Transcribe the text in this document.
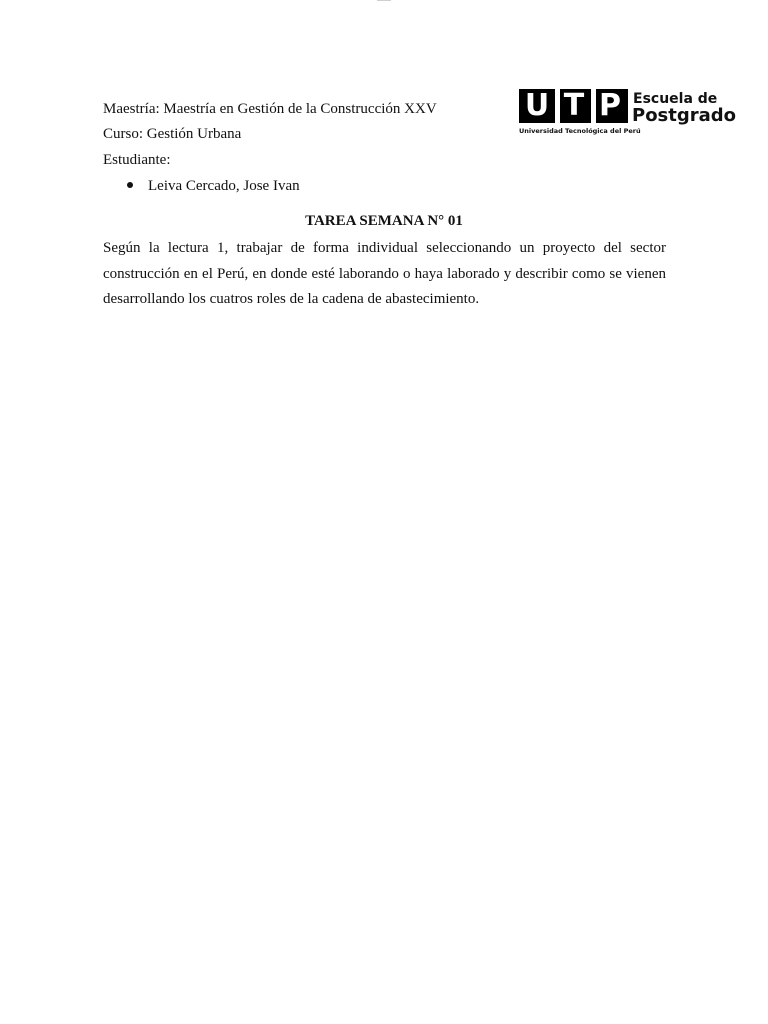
U T P Escuela de
Postgrado
Universidad Tecnológica del Perú
Maestría: Maestría en Gestión de la Construcción XXV
Curso: Gestión Urbana
Estudiante:
Leiva Cercado, Jose Ivan
TAREA SEMANA N° 01

Según la lectura 1, trabajar de forma individual seleccionando un proyecto del sector construcción en el Perú, en donde esté laborando o haya laborado y describir como se vienen desarrollando los cuatros roles de la cadena de abastecimiento.
